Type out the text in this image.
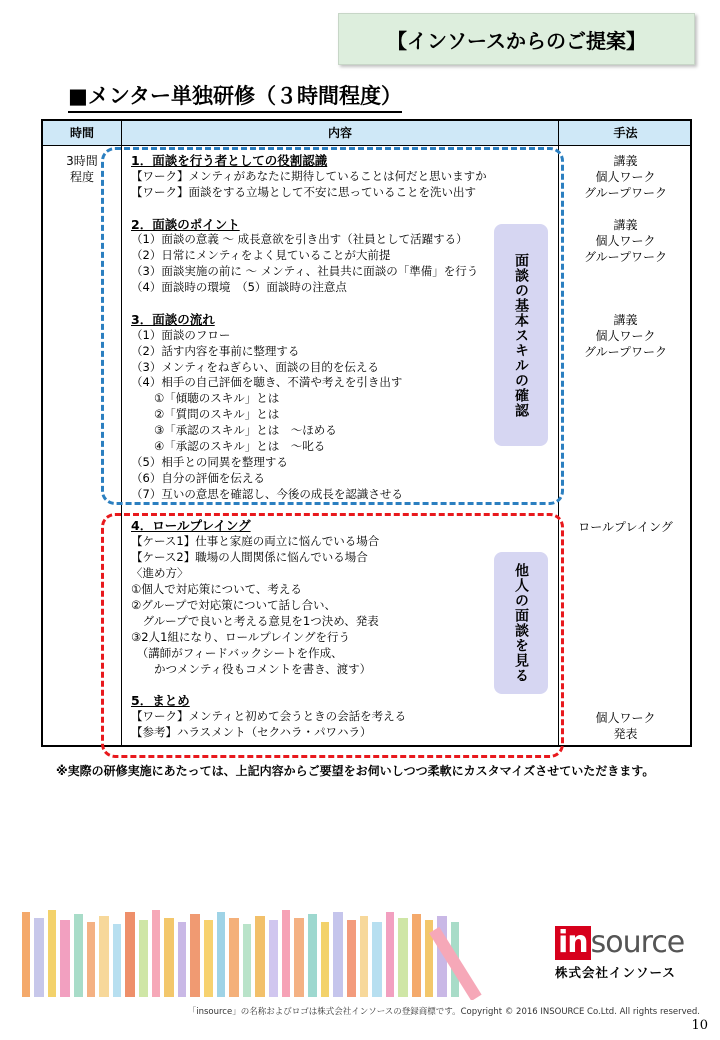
【インソースからのご提案】
■メンター単独研修（３時間程度）
時間	内容	手法
3時間
程度
1．面談を行う者としての役割認識
【ワーク】メンティがあなたに期待していることは何だと思いますか
【ワーク】面談をする立場として不安に思っていることを洗い出す
2．面談のポイント
（1）面談の意義 ～ 成長意欲を引き出す（社員として活躍する）
（2）日常にメンティをよく見ていることが大前提
（3）面談実施の前に ～ メンティ、社員共に面談の「準備」を行う
（4）面談時の環境　（5）面談時の注意点
3．面談の流れ
（1）面談のフロー
（2）話す内容を事前に整理する
（3）メンティをねぎらい、面談の目的を伝える
（4）相手の自己評価を聴き、不満や考えを引き出す
　　①「傾聴のスキル」とは
　　②「質問のスキル」とは
　　③「承認のスキル」とは　～ほめる
　　④「承認のスキル」とは　～叱る
（5）相手との同異を整理する
（6）自分の評価を伝える
（7）互いの意思を確認し、今後の成長を認識させる
4．ロールプレイング
【ケース1】仕事と家庭の両立に悩んでいる場合
【ケース2】職場の人間関係に悩んでいる場合
〈進め方〉
①個人で対応策について、考える
②グループで対応策について話し合い、
　グループで良いと考える意見を1つ決め、発表
③2人1組になり、ロールプレイングを行う
　（講師がフィードバックシートを作成、
　　かつメンティ役もコメントを書き、渡す）
5．まとめ
【ワーク】メンティと初めて会うときの会話を考える
【参考】ハラスメント（セクハラ・パワハラ）
講義
個人ワーク
グループワーク
講義
個人ワーク
グループワーク
講義
個人ワーク
グループワーク
ロールプレイング
個人ワーク
発表
面談の基本スキルの確認
他人の面談を見る
※実際の研修実施にあたっては、上記内容からご要望をお伺いしつつ柔軟にカスタマイズさせていただきます。
in source
株式会社インソース
「insource」の名称およびロゴは株式会社インソースの登録商標です。Copyright © 2016 INSOURCE Co.Ltd. All rights reserved.
10
